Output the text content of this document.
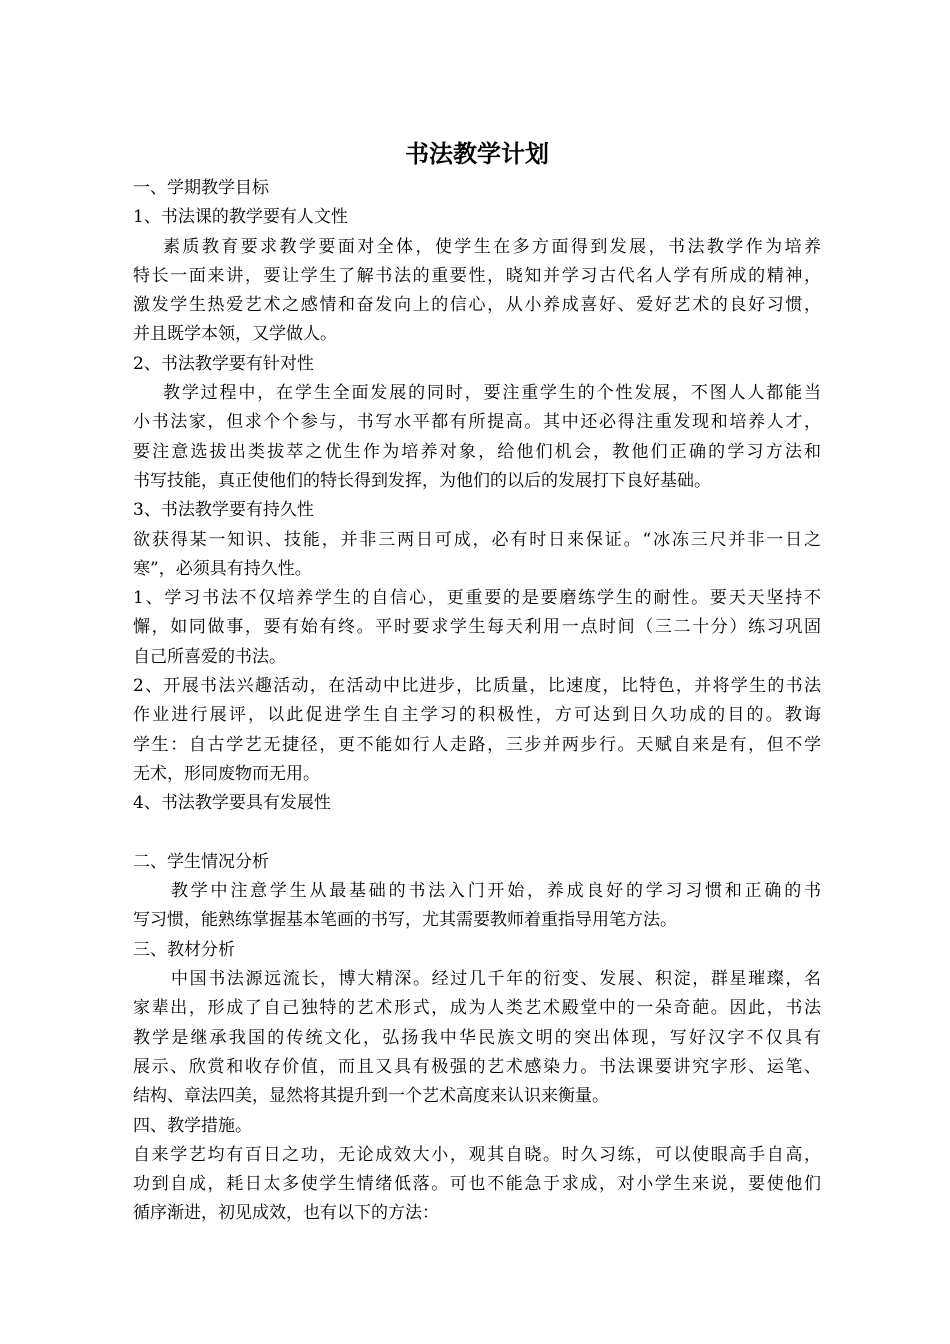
书法教学计划

一、学期教学目标

1、书法课的教学要有人文性

素质教育要求教学要面对全体，使学生在多方面得到发展，书法教学作为培养

特长一面来讲，要让学生了解书法的重要性，晓知并学习古代名人学有所成的精神，

激发学生热爱艺术之感情和奋发向上的信心，从小养成喜好、爱好艺术的良好习惯，

并且既学本领，又学做人。

2、书法教学要有针对性

教学过程中，在学生全面发展的同时，要注重学生的个性发展，不图人人都能当

小书法家，但求个个参与，书写水平都有所提高。其中还必得注重发现和培养人才，

要注意选拔出类拔萃之优生作为培养对象，给他们机会，教他们正确的学习方法和

书写技能，真正使他们的特长得到发挥，为他们的以后的发展打下良好基础。

3、书法教学要有持久性

欲获得某一知识、技能，并非三两日可成，必有时日来保证。“冰冻三尺并非一日之

寒”，必须具有持久性。

1、学习书法不仅培养学生的自信心，更重要的是要磨练学生的耐性。要天天坚持不

懈，如同做事，要有始有终。平时要求学生每天利用一点时间（三二十分）练习巩固

自己所喜爱的书法。

2、开展书法兴趣活动，在活动中比进步，比质量，比速度，比特色，并将学生的书法

作业进行展评，以此促进学生自主学习的积极性，方可达到日久功成的目的。教诲

学生：自古学艺无捷径，更不能如行人走路，三步并两步行。天赋自来是有，但不学

无术，形同废物而无用。

4、书法教学要具有发展性

二、学生情况分析

教学中注意学生从最基础的书法入门开始，养成良好的学习习惯和正确的书

写习惯，能熟练掌握基本笔画的书写，尤其需要教师着重指导用笔方法。

三、教材分析

中国书法源远流长，博大精深。经过几千年的衍变、发展、积淀，群星璀璨，名

家辈出，形成了自己独特的艺术形式，成为人类艺术殿堂中的一朵奇葩。因此，书法

教学是继承我国的传统文化，弘扬我中华民族文明的突出体现，写好汉字不仅具有

展示、欣赏和收存价值，而且又具有极强的艺术感染力。书法课要讲究字形、运笔、

结构、章法四美，显然将其提升到一个艺术高度来认识来衡量。

四、教学措施。

自来学艺均有百日之功，无论成效大小，观其自晓。时久习练，可以使眼高手自高，

功到自成，耗日太多使学生情绪低落。可也不能急于求成，对小学生来说，要使他们

循序渐进，初见成效，也有以下的方法：
